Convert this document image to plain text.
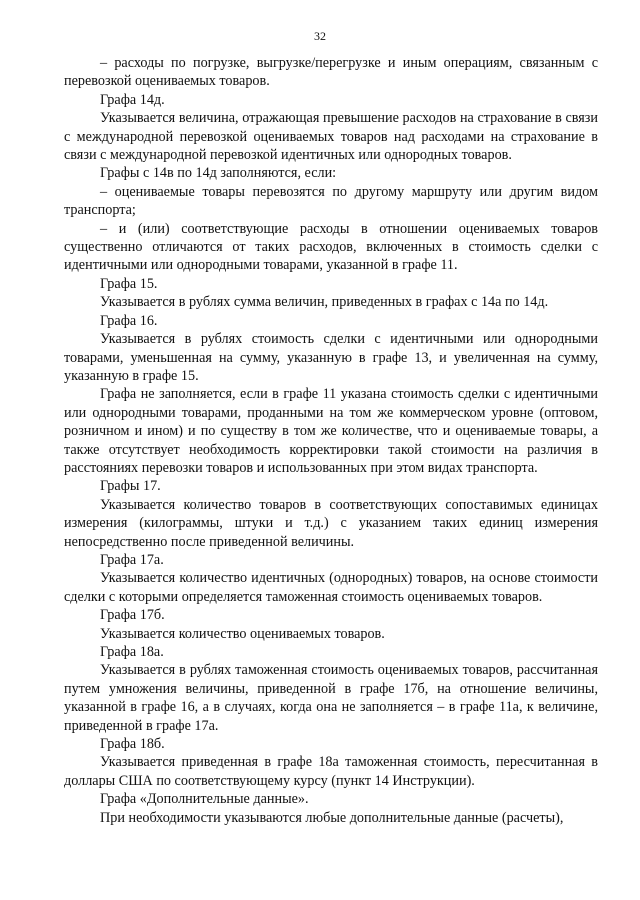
32

– расходы по погрузке, выгрузке/перегрузке и иным операциям, связанным с перевозкой оцениваемых товаров.

Графа 14д.

Указывается величина, отражающая превышение расходов на страхование в связи с международной перевозкой оцениваемых товаров над расходами на страхование в связи с международной перевозкой идентичных или однородных товаров.

Графы с 14в по 14д заполняются, если:

– оцениваемые товары перевозятся по другому маршруту или другим видом транспорта;

– и (или) соответствующие расходы в отношении оцениваемых товаров существенно отличаются от таких расходов, включенных в стоимость сделки с идентичными или однородными товарами, указанной в графе 11.

Графа 15.

Указывается в рублях сумма величин, приведенных в графах с 14а по 14д.

Графа 16.

Указывается в рублях стоимость сделки с идентичными или однородными товарами, уменьшенная на сумму, указанную в графе 13, и увеличенная на сумму, указанную в графе 15.

Графа не заполняется, если в графе 11 указана стоимость сделки с идентичными или однородными товарами, проданными на том же коммерческом уровне (оптовом, розничном и ином) и по существу в том же количестве, что и оцениваемые товары, а также отсутствует необходимость корректировки такой стоимости на различия в расстояниях перевозки товаров и использованных при этом видах транспорта.

Графы 17.

Указывается количество товаров в соответствующих сопоставимых единицах измерения (килограммы, штуки и т.д.) с указанием таких единиц измерения непосредственно после приведенной величины.

Графа 17а.

Указывается количество идентичных (однородных) товаров, на основе стоимости сделки с которыми определяется таможенная стоимость оцениваемых товаров.

Графа 17б.

Указывается количество оцениваемых товаров.

Графа 18а.

Указывается в рублях таможенная стоимость оцениваемых товаров, рассчитанная путем умножения величины, приведенной в графе 17б, на отношение величины, указанной в графе 16, а в случаях, когда она не заполняется – в графе 11а, к величине, приведенной в графе 17а.

Графа 18б.

Указывается приведенная в графе 18а таможенная стоимость, пересчитанная в доллары США по соответствующему курсу (пункт 14 Инструкции).

Графа «Дополнительные данные».

При необходимости указываются любые дополнительные данные (расчеты),
